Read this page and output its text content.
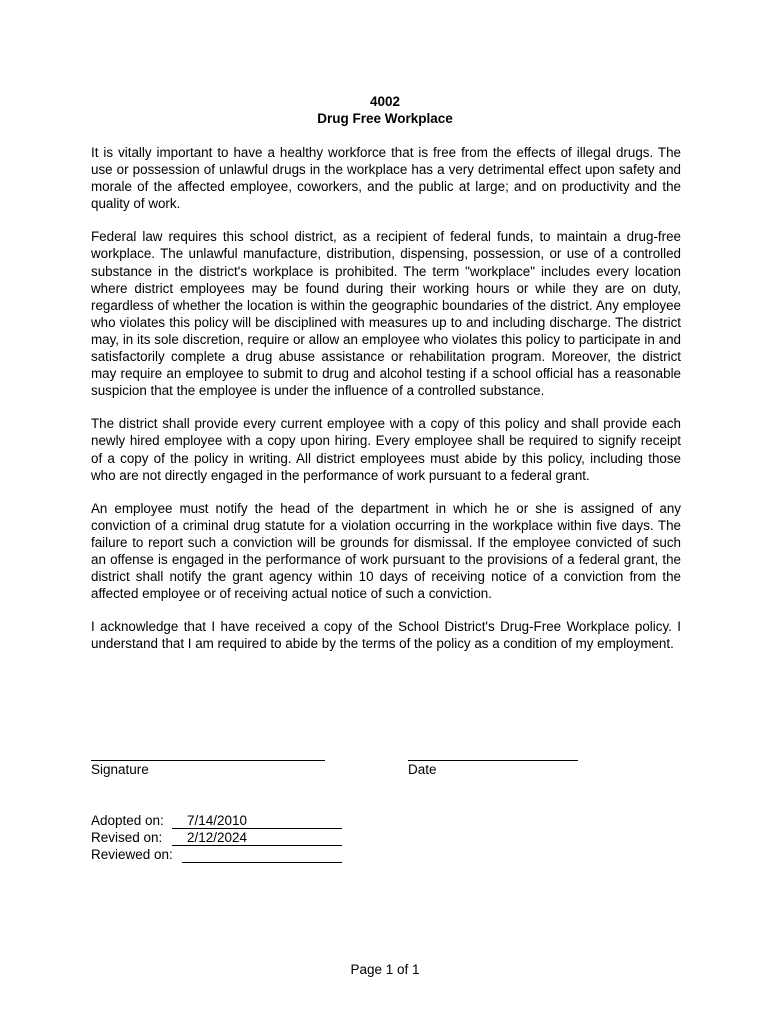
4002
Drug Free Workplace

It is vitally important to have a healthy workforce that is free from the effects of illegal drugs. The use or possession of unlawful drugs in the workplace has a very detrimental effect upon safety and morale of the affected employee, coworkers, and the public at large; and on productivity and the quality of work.

Federal law requires this school district, as a recipient of federal funds, to maintain a drug-free workplace. The unlawful manufacture, distribution, dispensing, possession, or use of a controlled substance in the district's workplace is prohibited. The term "workplace" includes every location where district employees may be found during their working hours or while they are on duty, regardless of whether the location is within the geographic boundaries of the district. Any employee who violates this policy will be disciplined with measures up to and including discharge. The district may, in its sole discretion, require or allow an employee who violates this policy to participate in and satisfactorily complete a drug abuse assistance or rehabilitation program. Moreover, the district may require an employee to submit to drug and alcohol testing if a school official has a reasonable suspicion that the employee is under the influence of a controlled substance.

The district shall provide every current employee with a copy of this policy and shall provide each newly hired employee with a copy upon hiring. Every employee shall be required to signify receipt of a copy of the policy in writing. All district employees must abide by this policy, including those who are not directly engaged in the performance of work pursuant to a federal grant.

An employee must notify the head of the department in which he or she is assigned of any conviction of a criminal drug statute for a violation occurring in the workplace within five days. The failure to report such a conviction will be grounds for dismissal. If the employee convicted of such an offense is engaged in the performance of work pursuant to the provisions of a federal grant, the district shall notify the grant agency within 10 days of receiving notice of a conviction from the affected employee or of receiving actual notice of such a conviction.

I acknowledge that I have received a copy of the School District's Drug-Free Workplace policy. I understand that I am required to abide by the terms of the policy as a condition of my employment.

Signature	Date
Adopted on:	7/14/2010
Revised on:	2/12/2024
Reviewed on:
Page 1 of 1
